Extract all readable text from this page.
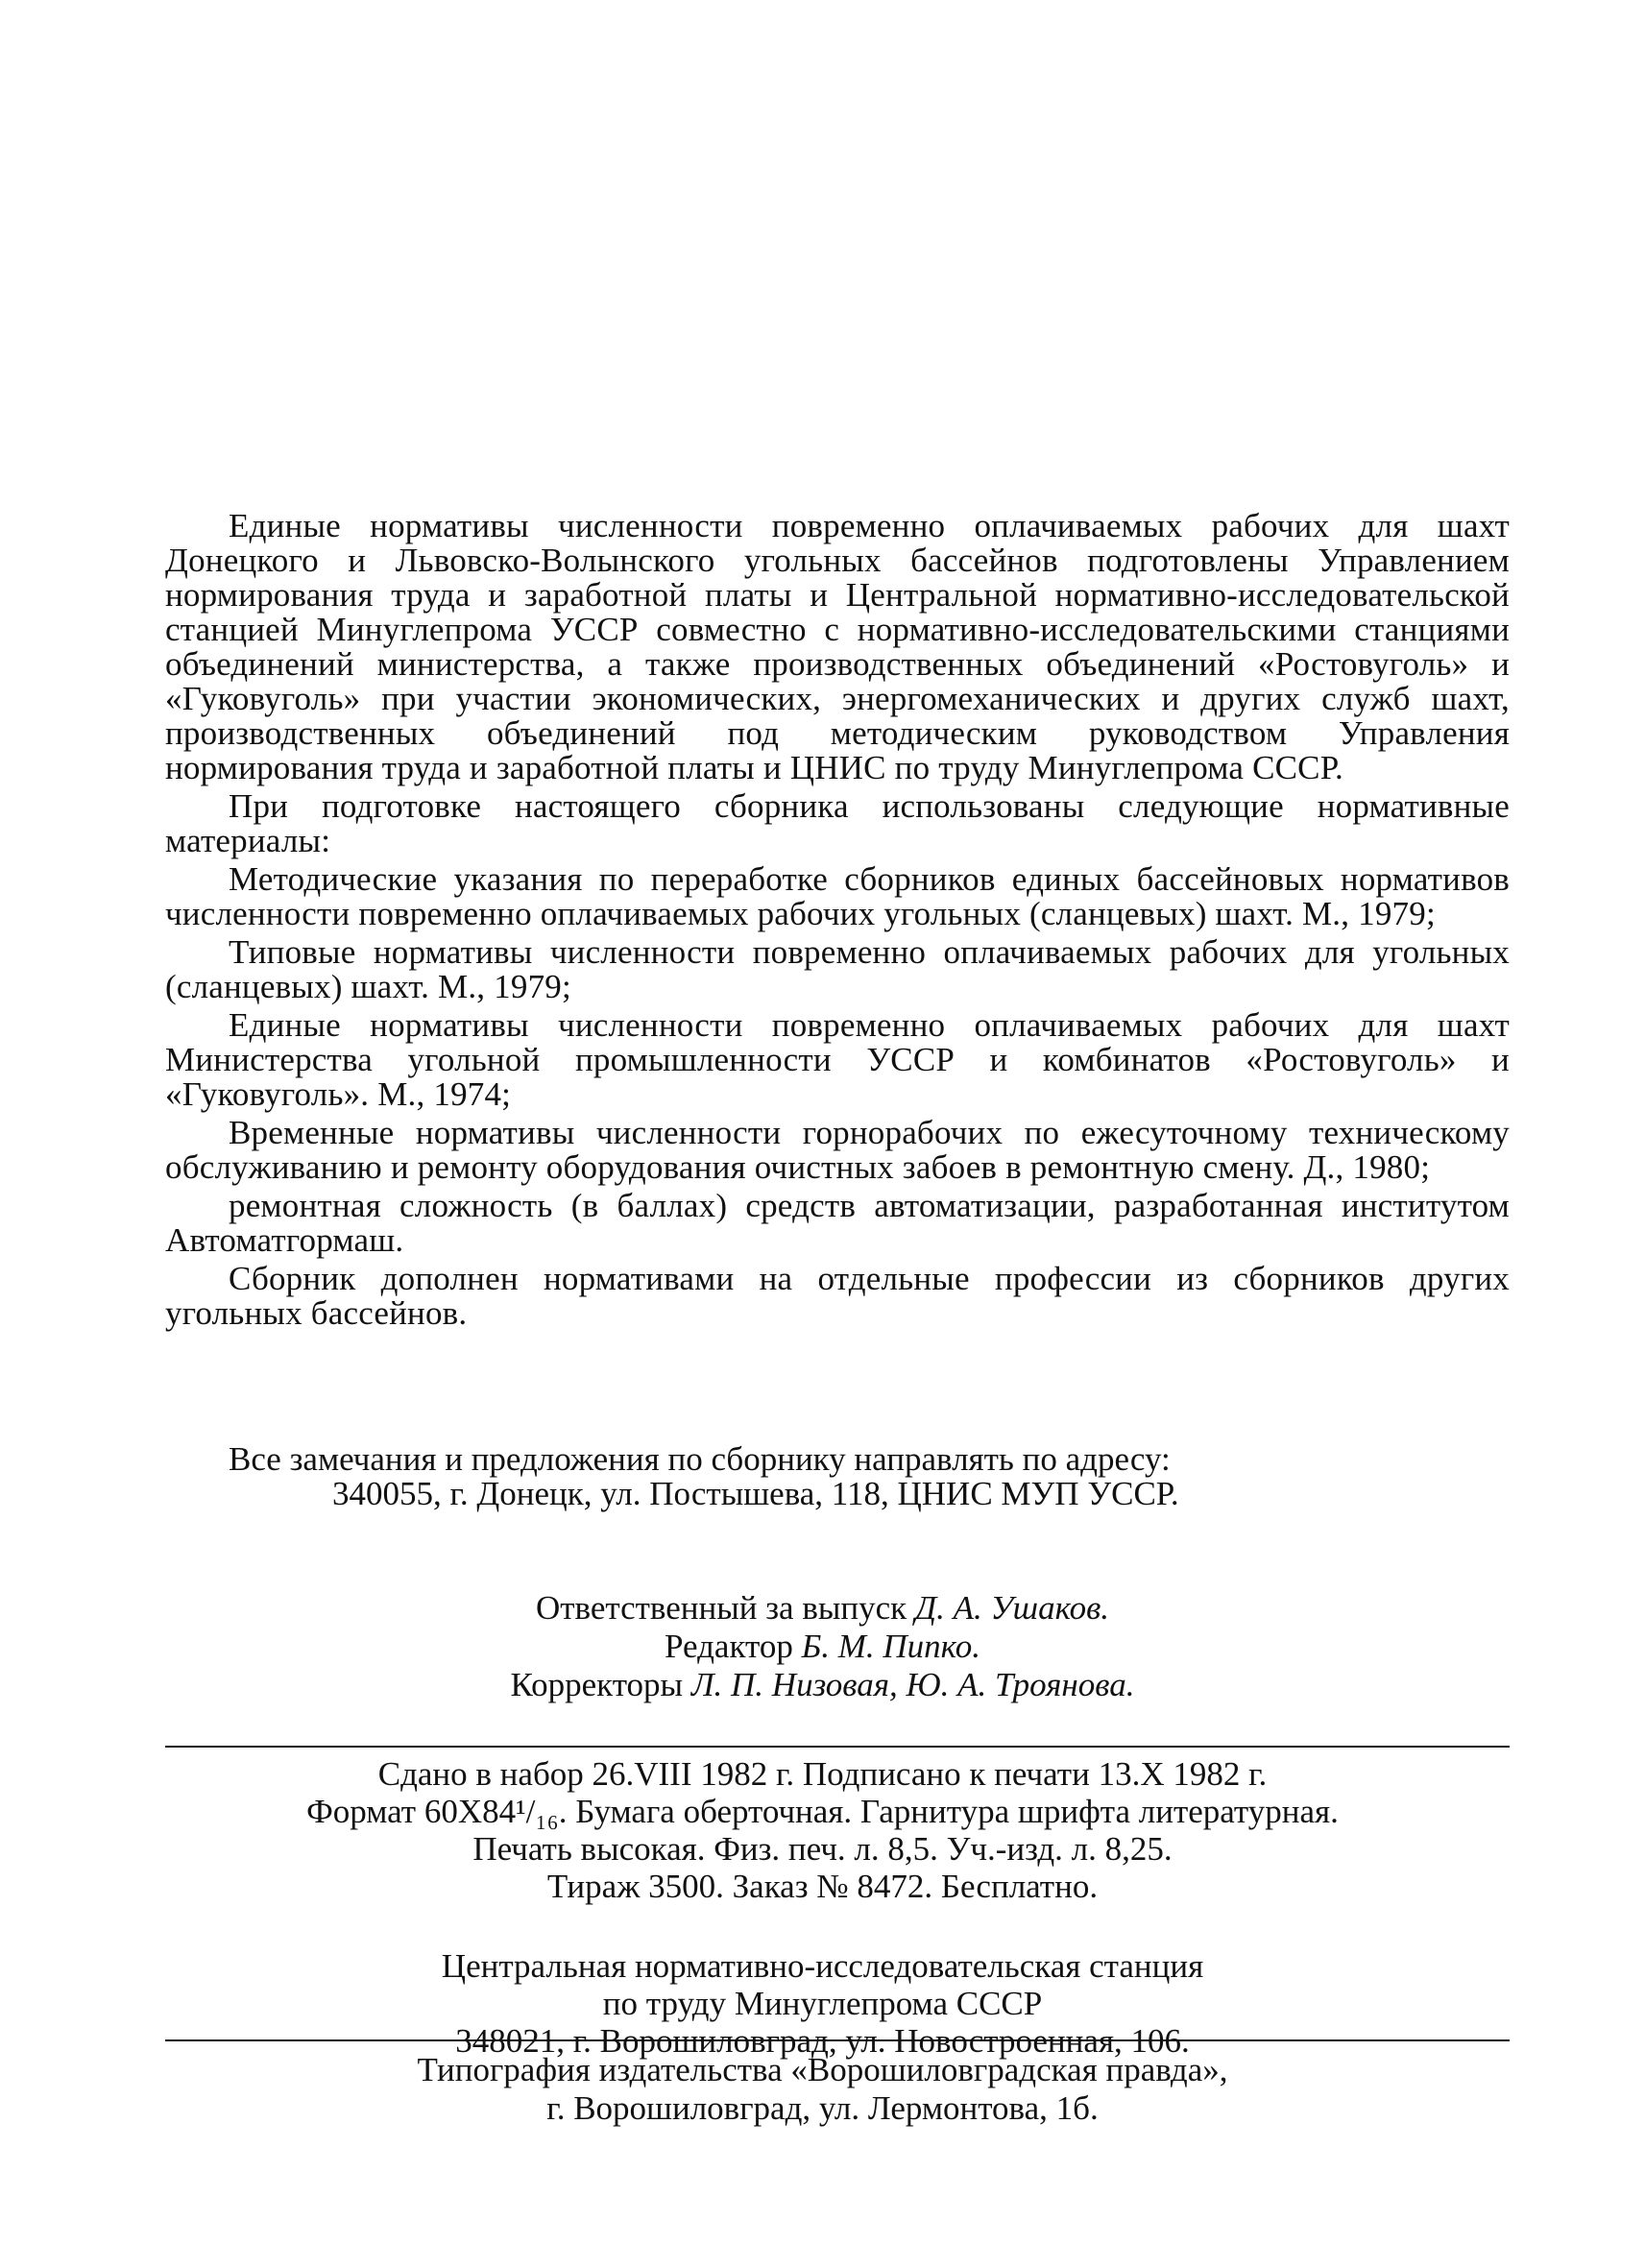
Единые нормативы численности повременно оплачиваемых рабочих для шахт Донецкого и Львовско-Волынского угольных бассейнов подготовлены Управлением нормирования труда и заработной платы и Центральной нормативно-исследовательской станцией Минуглепрома УССР совместно с нормативно-исследовательскими станциями объединений министерства, а также производственных объединений «Ростовуголь» и «Гуковуголь» при участии экономических, энергомеханических и других служб шахт, производственных объединений под методическим руководством Управления нормирования труда и заработной платы и ЦНИС по труду Минуглепрома СССР.

При подготовке настоящего сборника использованы следующие нормативные материалы:

Методические указания по переработке сборников единых бассейновых нормативов численности повременно оплачиваемых рабочих угольных (сланцевых) шахт. М., 1979;

Типовые нормативы численности повременно оплачиваемых рабочих для угольных (сланцевых) шахт. М., 1979;

Единые нормативы численности повременно оплачиваемых рабочих для шахт Министерства угольной промышленности УССР и комбинатов «Ростовуголь» и «Гуковуголь». М., 1974;

Временные нормативы численности горнорабочих по ежесуточному техническому обслуживанию и ремонту оборудования очистных забоев в ремонтную смену. Д., 1980;

ремонтная сложность (в баллах) средств автоматизации, разработанная институтом Автоматгормаш.

Сборник дополнен нормативами на отдельные профессии из сборников других угольных бассейнов.

Все замечания и предложения по сборнику направлять по адресу:

340055, г. Донецк, ул. Постышева, 118, ЦНИС МУП УССР.

Ответственный за выпуск Д. А. Ушаков.

Редактор Б. М. Пипко.

Корректоры Л. П. Низовая, Ю. А. Троянова.

Сдано в набор 26.VIII 1982 г. Подписано к печати 13.X 1982 г.

Формат 60X84¹/₁₆. Бумага оберточная. Гарнитура шрифта литературная.

Печать высокая. Физ. печ. л. 8,5. Уч.-изд. л. 8,25.

Тираж 3500. Заказ № 8472. Бесплатно.

Центральная нормативно-исследовательская станция

по труду Минуглепрома СССР

348021, г. Ворошиловград, ул. Новостроенная, 106.

Типография издательства «Ворошиловградская правда»,

г. Ворошиловград, ул. Лермонтова, 1б.
